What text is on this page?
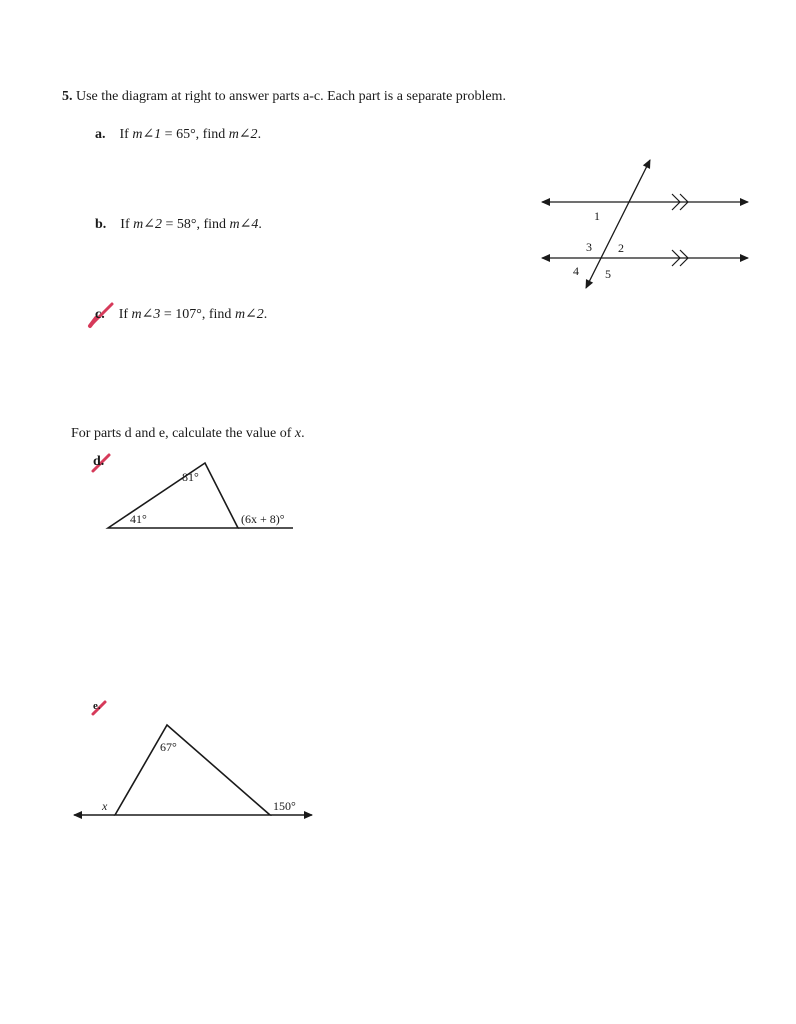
5. Use the diagram at right to answer parts a-c. Each part is a separate problem.
a. If m∠1 = 65°, find m∠2.
b. If m∠2 = 58°, find m∠4.
c. If m∠3 = 107°, find m∠2.
1
2
3
4 5
For parts d and e, calculate the value of x.
d.
81°
41°	(6x + 8)°
e.
67°
x	150°
